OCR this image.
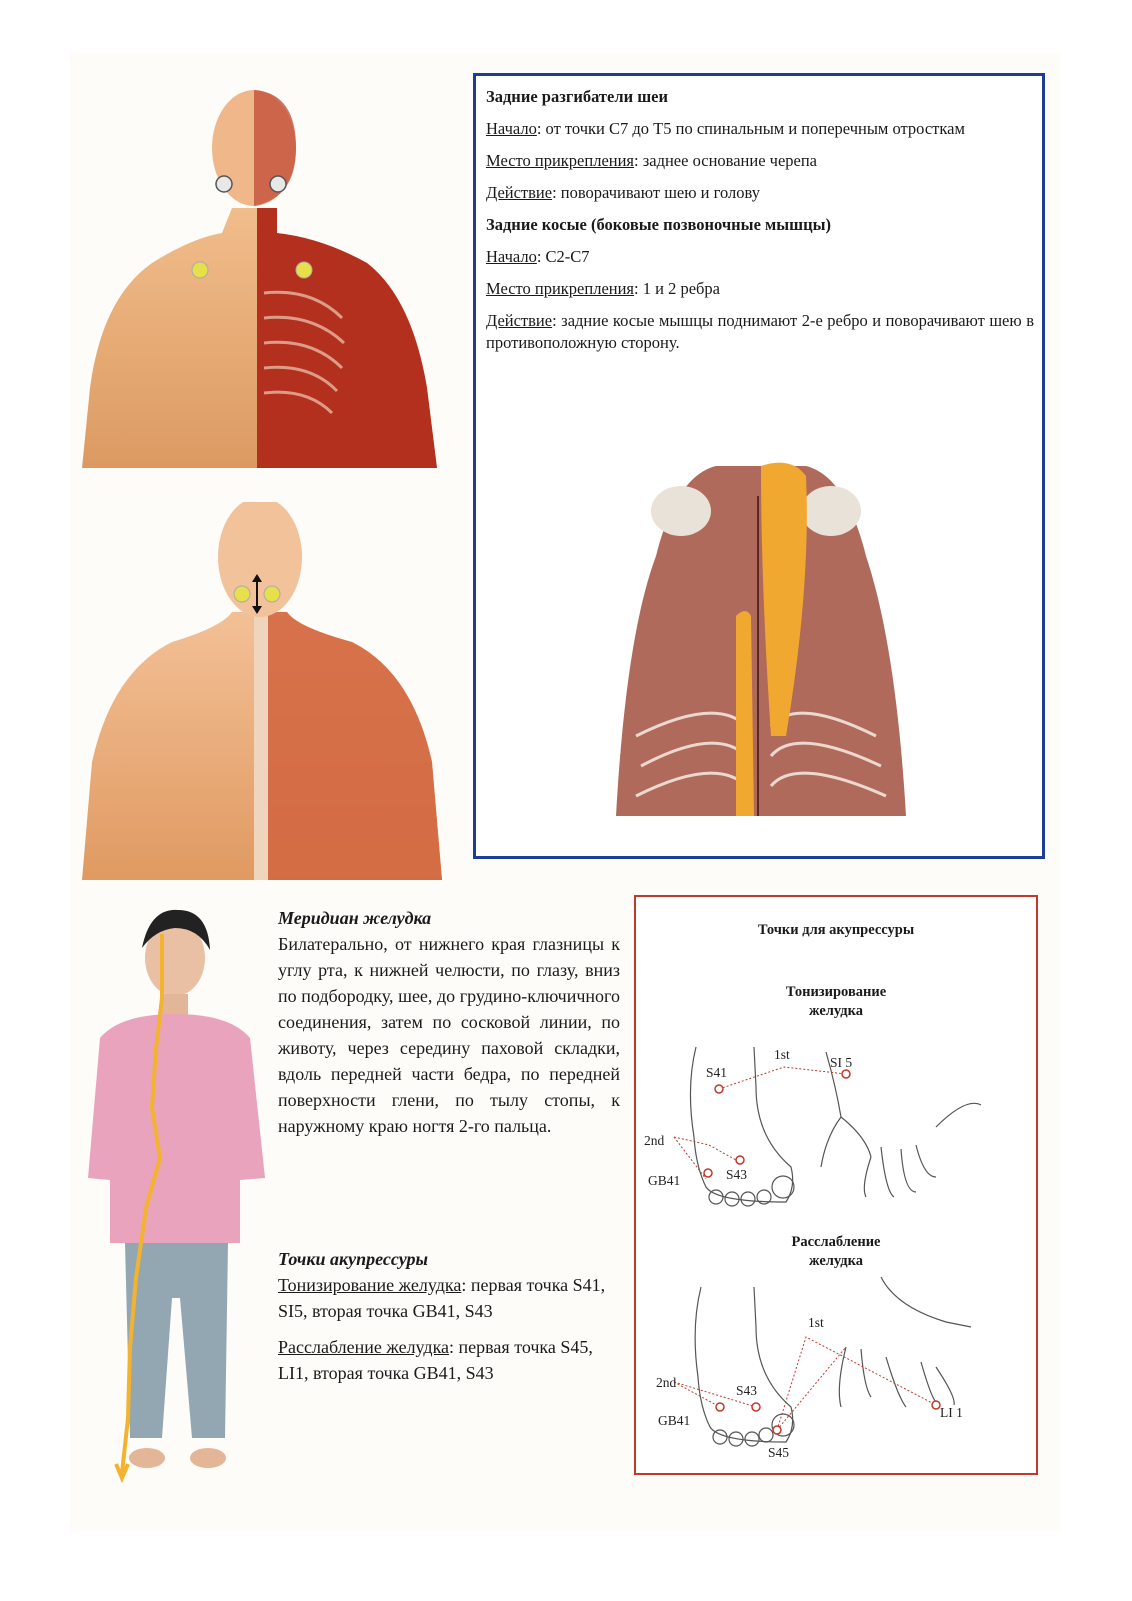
Задние разгибатели шеи

Начало: от точки С7 до Т5 по спинальным и поперечным отросткам

Место прикрепления: заднее основание черепа

Действие: поворачивают шею и голову

Задние косые (боковые позвоночные мышцы)

Начало: С2-С7

Место прикрепления: 1 и 2 ребра

Действие: задние косые мышцы поднимают 2-е ребро и поворачивают шею в противоположную сторону.

Меридиан желудка

Билатерально, от нижнего края глазницы к углу рта, к нижней челюсти, по глазу, вниз по подбородку, шее, до грудино-ключичного соединения, затем по сосковой линии, по животу, через середину паховой складки, вдоль передней части бедра, по передней поверхности глени, по тылу стопы, к наружному краю ногтя 2-го пальца.

Точки акупрессуры

Тонизирование желудка: первая точка S41, SI5, вторая точка GB41, S43

Расслабление желудка: первая точка S45, LI1, вторая точка GB41, S43

Точки для акупрессуры
Тонизирование
желудка
S41
1st
SI 5
2nd
S43
GB41
Расслабление
желудка
1st
2nd
S43
GB41
S45
LI 1
